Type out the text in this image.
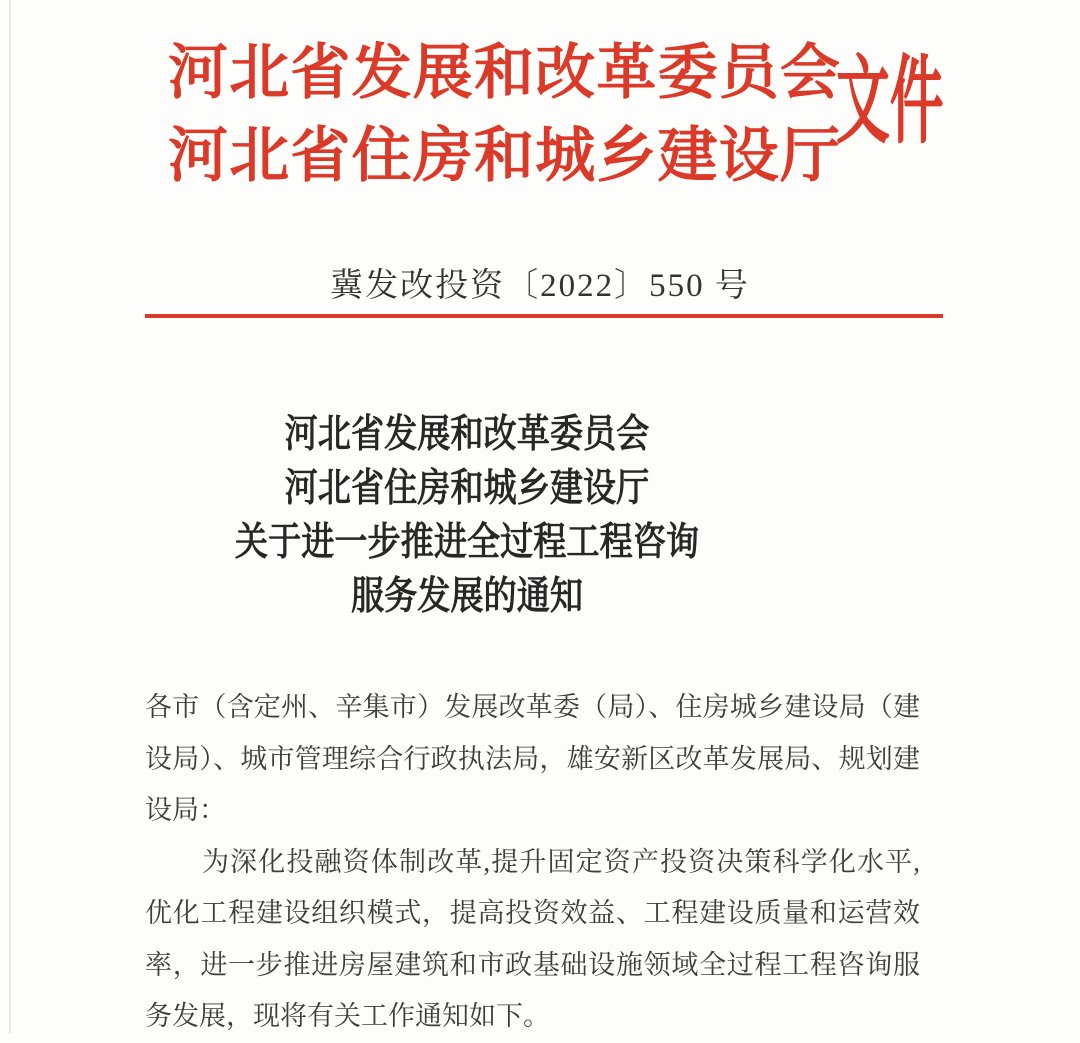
河北省发展和改革委员会
河北省住房和城乡建设厅
文件
冀发改投资〔2022〕550 号
河北省发展和改革委员会
河北省住房和城乡建设厅
关于进一步推进全过程工程咨询
服务发展的通知
各市（含定州、辛集市）发展改革委（局）、住房城乡建设局（建
设局）、城市管理综合行政执法局，雄安新区改革发展局、规划建
设局：
为深化投融资体制改革,提升固定资产投资决策科学化水平,
优化工程建设组织模式，提高投资效益、工程建设质量和运营效
率，进一步推进房屋建筑和市政基础设施领域全过程工程咨询服
务发展，现将有关工作通知如下。
